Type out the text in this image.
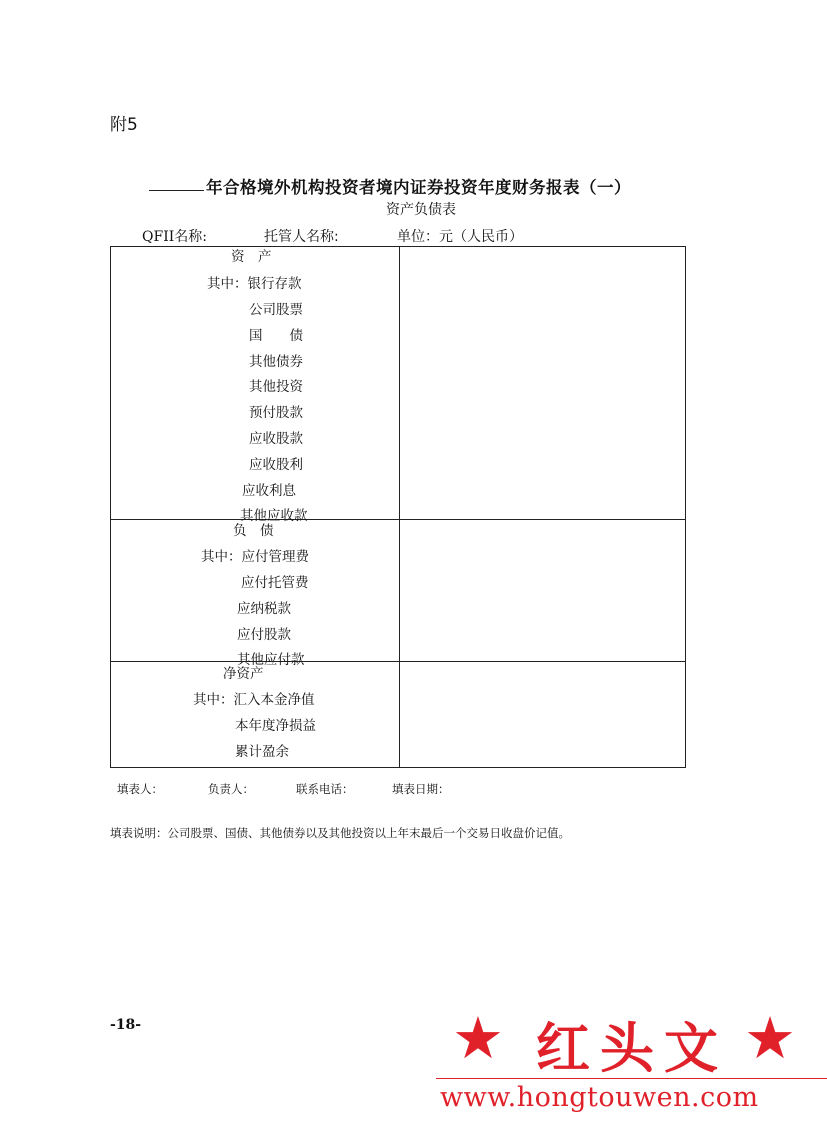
附5
年合格境外机构投资者境内证券投资年度财务报表（一）
资产负债表
QFII名称:	托管人名称:	单位：元（人民币）
资　产
其中：银行存款
公司股票
国　　债
其他债券
其他投资
预付股款
应收股款
应收股利
应收利息
其他应收款
负　债
其中：应付管理费
应付托管费
应纳税款
应付股款
其他应付款
净资产
其中：汇入本金净值
本年度净损益
累计盈余
填表人：	负责人：	联系电话：	填表日期：
填表说明：公司股票、国债、其他债券以及其他投资以上年末最后一个交易日收盘价记值。
-18-	★ 红头文 ★
www.hongtouwen.com
